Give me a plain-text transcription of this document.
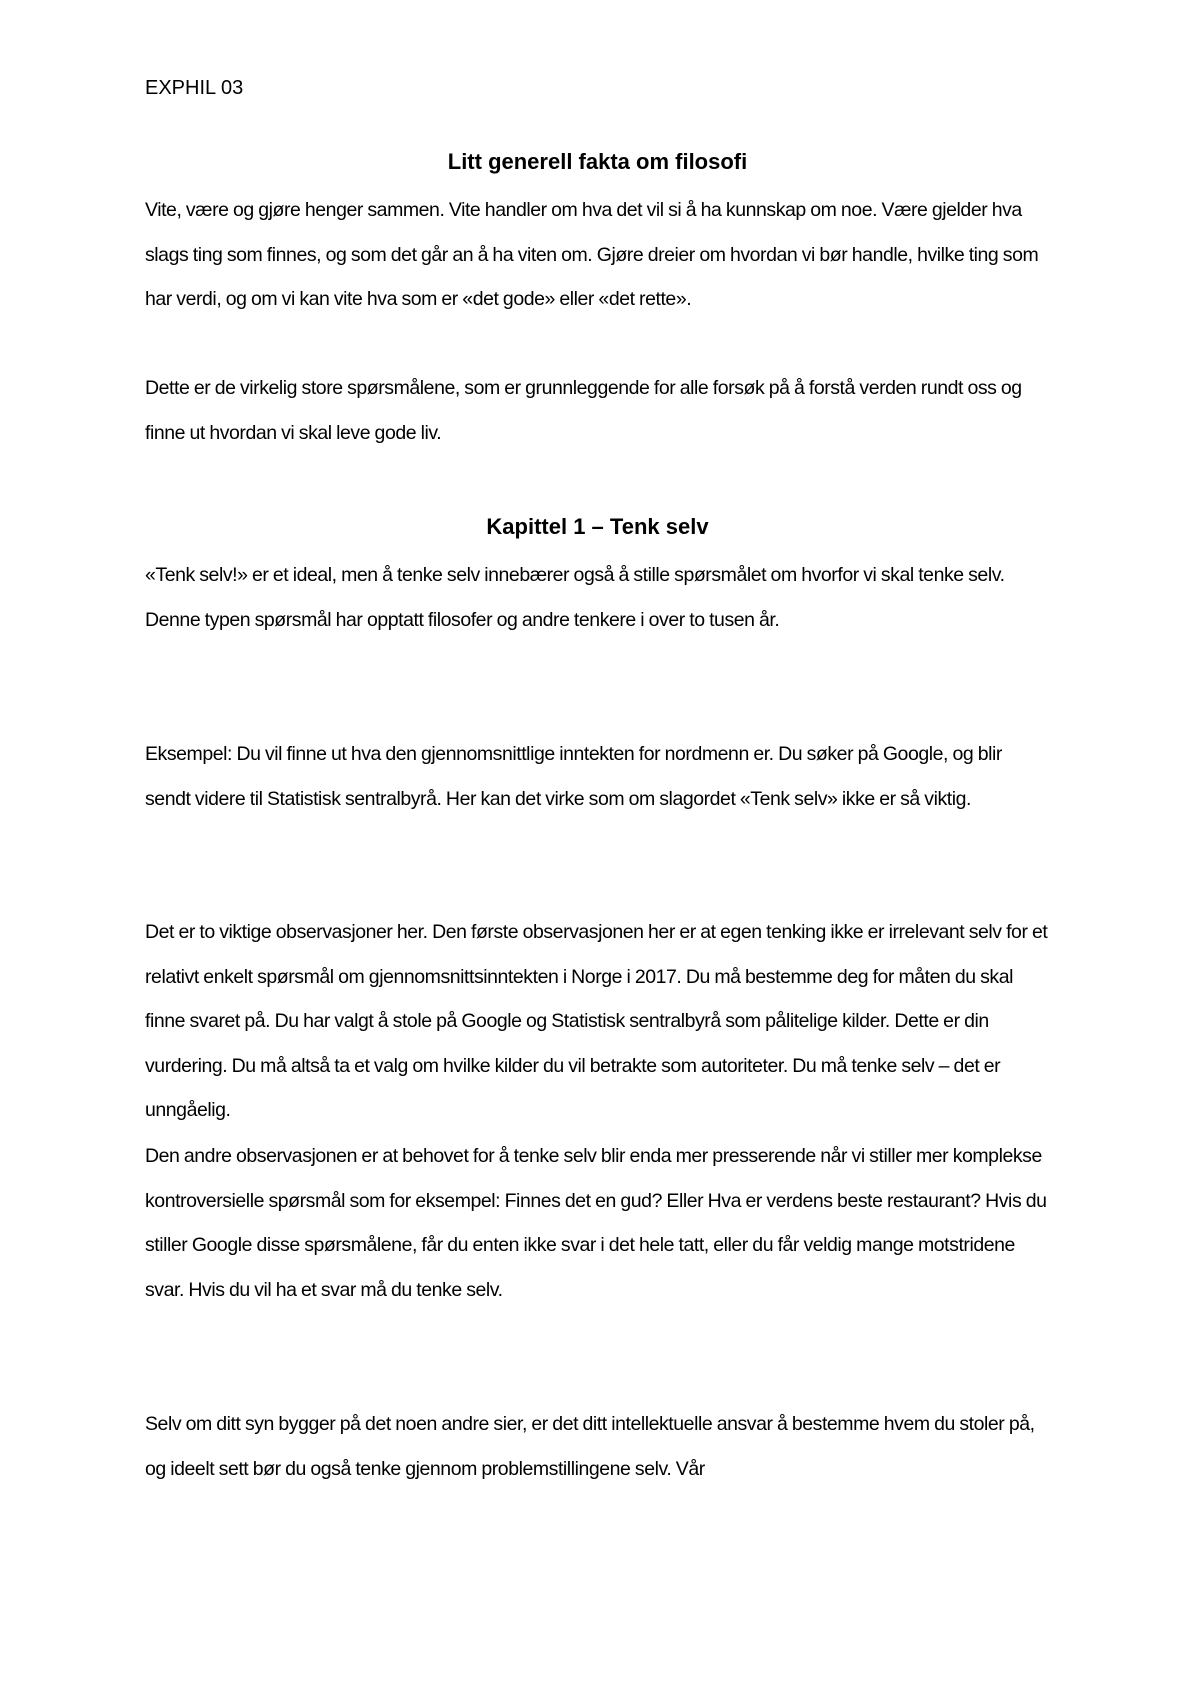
EXPHIL 03

Litt generell fakta om filosofi

Vite, være og gjøre henger sammen. Vite handler om hva det vil si å ha kunnskap om noe. Være gjelder hva slags ting som finnes, og som det går an å ha viten om. Gjøre dreier om hvordan vi bør handle, hvilke ting som har verdi, og om vi kan vite hva som er «det gode» eller «det rette».

Dette er de virkelig store spørsmålene, som er grunnleggende for alle forsøk på å forstå verden rundt oss og finne ut hvordan vi skal leve gode liv.

Kapittel 1 – Tenk selv

«Tenk selv!» er et ideal, men å tenke selv innebærer også å stille spørsmålet om hvorfor vi skal tenke selv. Denne typen spørsmål har opptatt filosofer og andre tenkere i over to tusen år.

Eksempel: Du vil finne ut hva den gjennomsnittlige inntekten for nordmenn er. Du søker på Google, og blir sendt videre til Statistisk sentralbyrå. Her kan det virke som om slagordet «Tenk selv» ikke er så viktig.

Det er to viktige observasjoner her. Den første observasjonen her er at egen tenking ikke er irrelevant selv for et relativt enkelt spørsmål om gjennomsnittsinntekten i Norge i 2017. Du må bestemme deg for måten du skal finne svaret på. Du har valgt å stole på Google og Statistisk sentralbyrå som pålitelige kilder. Dette er din vurdering. Du må altså ta et valg om hvilke kilder du vil betrakte som autoriteter. Du må tenke selv – det er unngåelig.

Den andre observasjonen er at behovet for å tenke selv blir enda mer presserende når vi stiller mer komplekse kontroversielle spørsmål som for eksempel: Finnes det en gud? Eller Hva er verdens beste restaurant? Hvis du stiller Google disse spørsmålene, får du enten ikke svar i det hele tatt, eller du får veldig mange motstridene svar. Hvis du vil ha et svar må du tenke selv.

Selv om ditt syn bygger på det noen andre sier, er det ditt intellektuelle ansvar å bestemme hvem du stoler på, og ideelt sett bør du også tenke gjennom problemstillingene selv. Vår
